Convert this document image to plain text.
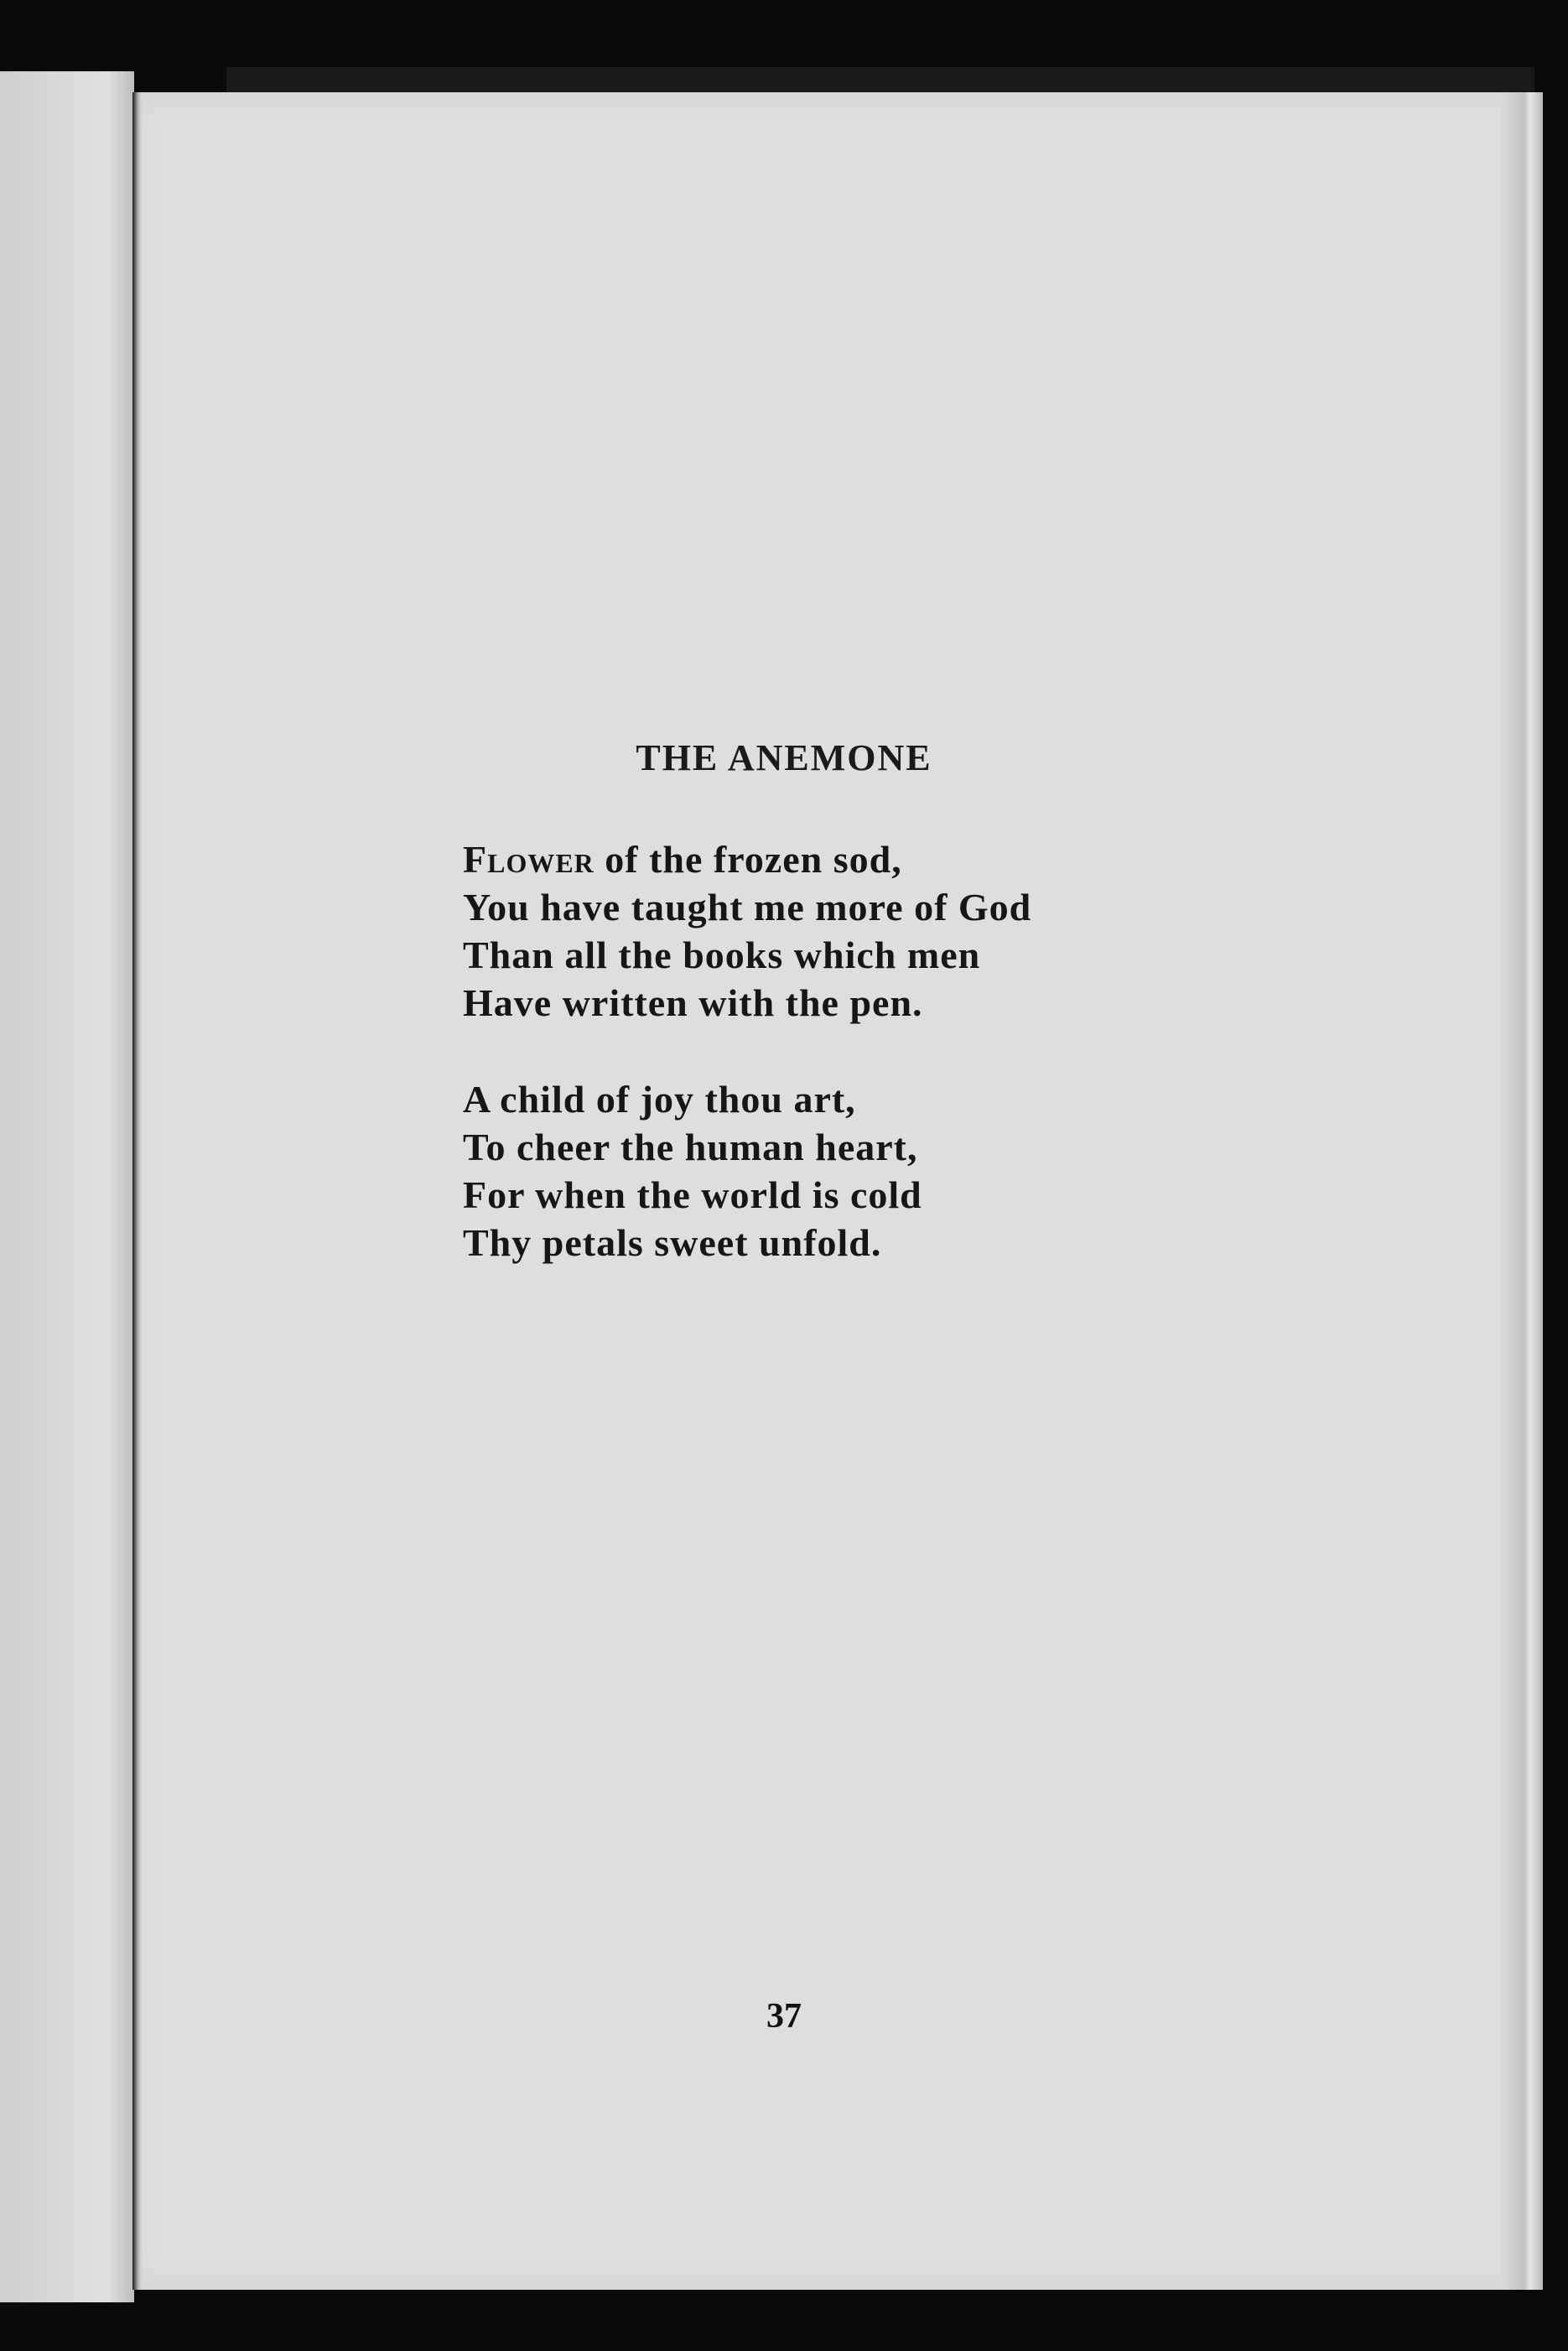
THE ANEMONE

Flower of the frozen sod,
You have taught me more of God
Than all the books which men
Have written with the pen.

A child of joy thou art,
To cheer the human heart,
For when the world is cold
Thy petals sweet unfold.

37
